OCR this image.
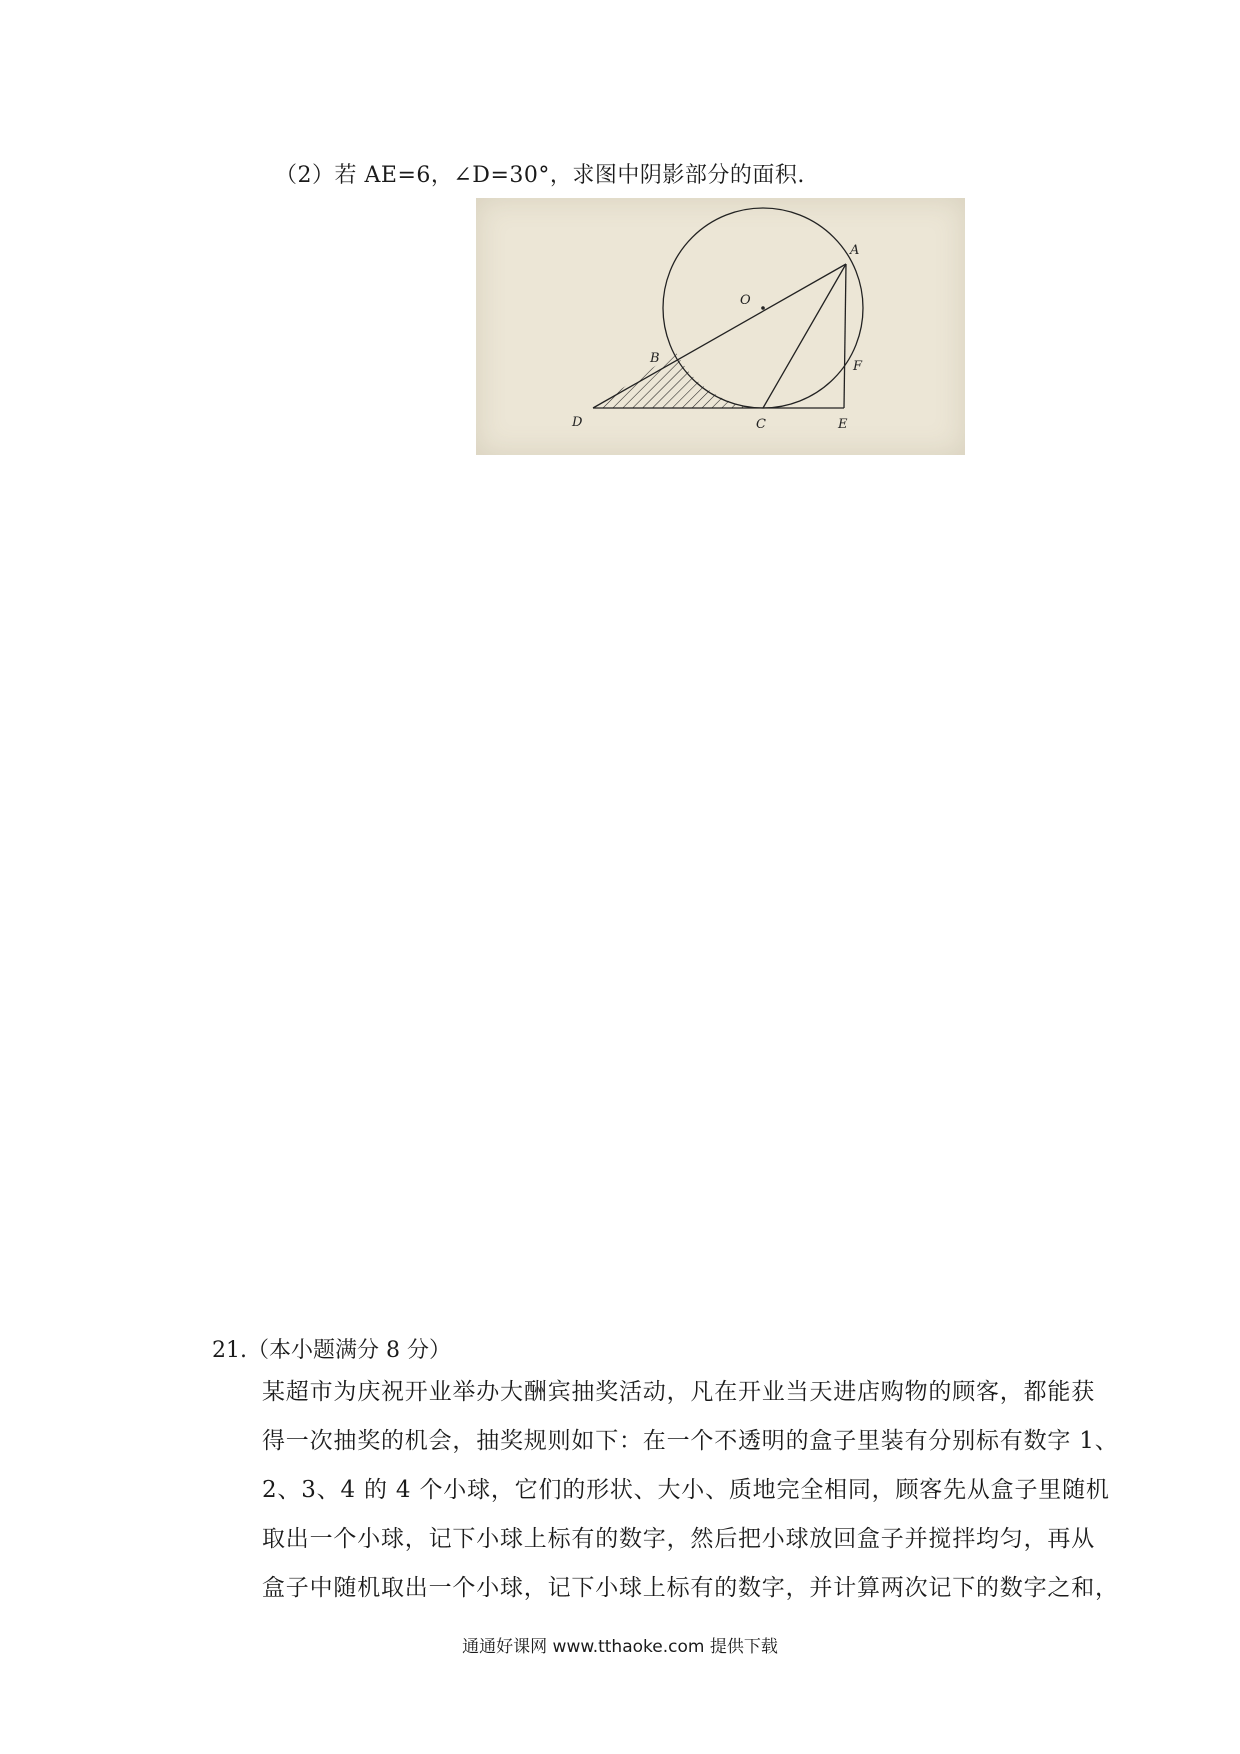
（2）若 AE=6，∠D=30°，求图中阴影部分的面积.
A
O
B
F
D	C	E
21.（本小题满分 8 分）
某超市为庆祝开业举办大酬宾抽奖活动，凡在开业当天进店购物的顾客，都能获
得一次抽奖的机会，抽奖规则如下：在一个不透明的盒子里装有分别标有数字 1、
2、3、4 的 4 个小球，它们的形状、大小、质地完全相同，顾客先从盒子里随机
取出一个小球，记下小球上标有的数字，然后把小球放回盒子并搅拌均匀，再从
盒子中随机取出一个小球，记下小球上标有的数字，并计算两次记下的数字之和，
通通好课网 www.tthaoke.com 提供下载
